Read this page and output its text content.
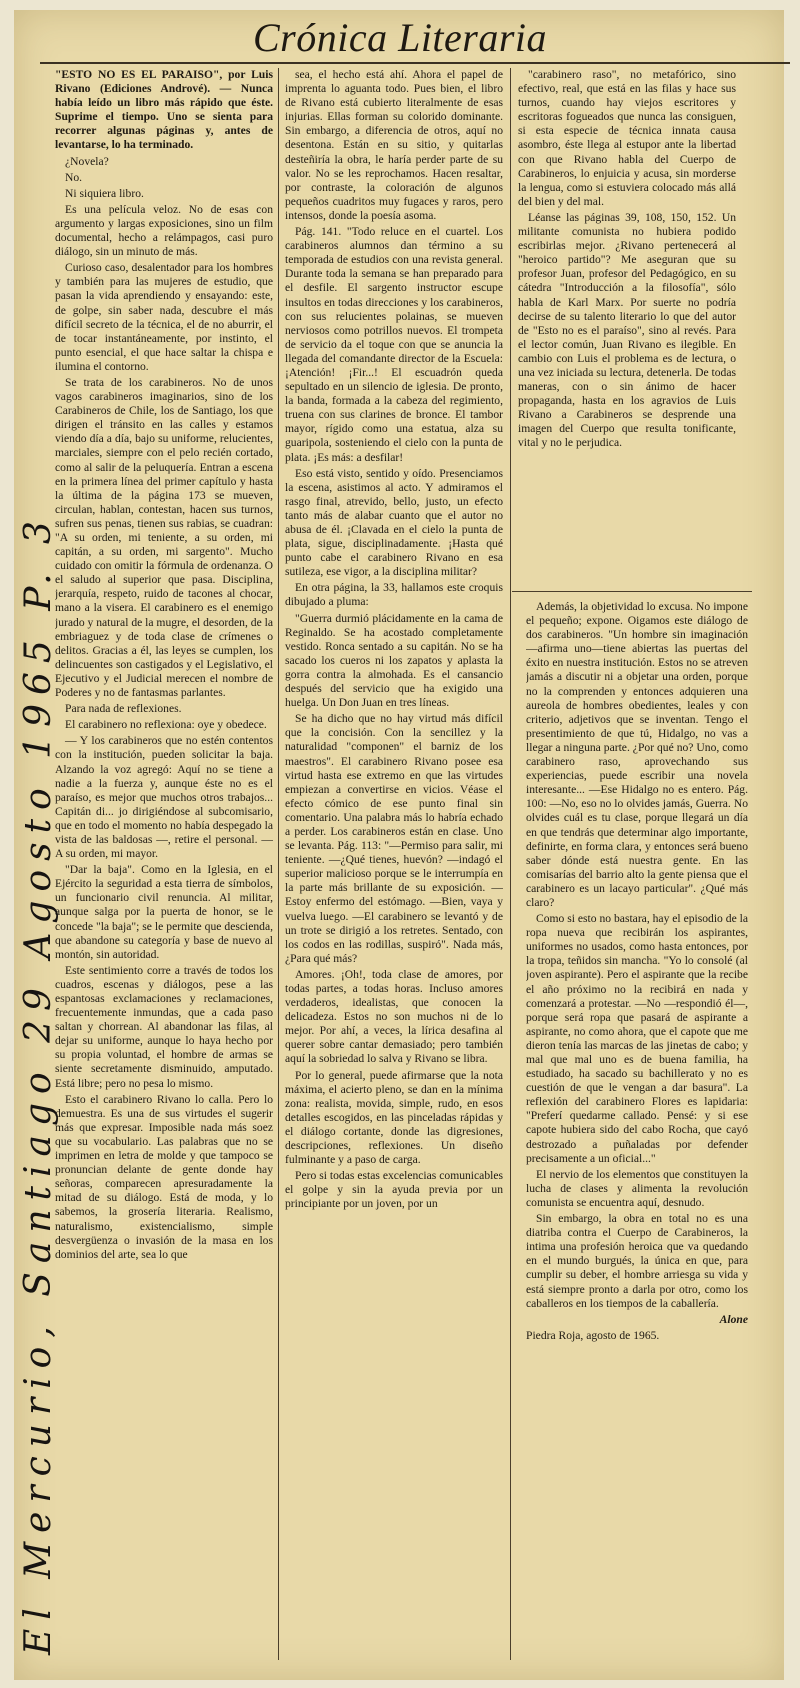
Crónica Literaria

"ESTO NO ES EL PARAISO", por Luis Rivano (Ediciones Andrové). — Nunca había leído un libro más rápido que éste. Suprime el tiempo. Uno se sienta para recorrer algunas páginas y, antes de levantarse, lo ha terminado.

¿Novela?

No.

Ni siquiera libro.

Es una película veloz. No de esas con argumento y largas exposiciones, sino un film documental, hecho a relámpagos, casi puro diálogo, sin un minuto de más.

Curioso caso, desalentador para los hombres y también para las mujeres de estudio, que pasan la vida aprendiendo y ensayando: este, de golpe, sin saber nada, descubre el más difícil secreto de la técnica, el de no aburrir, el de tocar instantáneamente, por instinto, el punto esencial, el que hace saltar la chispa e ilumina el contorno.

Se trata de los carabineros. No de unos vagos carabineros imaginarios, sino de los Carabineros de Chile, los de Santiago, los que dirigen el tránsito en las calles y estamos viendo día a día, bajo su uniforme, relucientes, marciales, siempre con el pelo recién cortado, como al salir de la peluquería. Entran a escena en la primera línea del primer capítulo y hasta la última de la página 173 se mueven, circulan, hablan, contestan, hacen sus turnos, sufren sus penas, tienen sus rabias, se cuadran: "A su orden, mi teniente, a su orden, mi capitán, a su orden, mi sargento". Mucho cuidado con omitir la fórmula de ordenanza. O el saludo al superior que pasa. Disciplina, jerarquía, respeto, ruido de tacones al chocar, mano a la visera. El carabinero es el enemigo jurado y natural de la mugre, el desorden, de la embriaguez y de toda clase de crímenes o delitos. Gracias a él, las leyes se cumplen, los delincuentes son castigados y el Legislativo, el Ejecutivo y el Judicial merecen el nombre de Poderes y no de fantasmas parlantes.

Para nada de reflexiones.

El carabinero no reflexiona: oye y obedece.

— Y los carabineros que no estén contentos con la institución, pueden solicitar la baja. Alzando la voz agregó: Aquí no se tiene a nadie a la fuerza y, aunque éste no es el paraíso, es mejor que muchos otros trabajos... Capitán di... jo dirigiéndose al subcomisario, que en todo el momento no había despegado la vista de las baldosas —, retire el personal. — A su orden, mi mayor.

"Dar la baja". Como en la Iglesia, en el Ejército la seguridad a esta tierra de símbolos, un funcionario civil renuncia. Al militar, aunque salga por la puerta de honor, se le concede "la baja"; se le permite que descienda, que abandone su categoría y base de nuevo al montón, sin autoridad.

Este sentimiento corre a través de todos los cuadros, escenas y diálogos, pese a las espantosas exclamaciones y reclamaciones, frecuentemente inmundas, que a cada paso saltan y chorrean. Al abandonar las filas, al dejar su uniforme, aunque lo haya hecho por su propia voluntad, el hombre de armas se siente secretamente disminuido, amputado. Está libre; pero no pesa lo mismo.

Esto el carabinero Rivano lo calla. Pero lo demuestra. Es una de sus virtudes el sugerir más que expresar. Imposible nada más soez que su vocabulario. Las palabras que no se imprimen en letra de molde y que tampoco se pronuncian delante de gente donde hay señoras, comparecen apresuradamente la mitad de su diálogo. Está de moda, y lo sabemos, la grosería literaria. Realismo, naturalismo, existencialismo, simple desvergüenza o invasión de la masa en los dominios del arte, sea lo que

sea, el hecho está ahí. Ahora el papel de imprenta lo aguanta todo. Pues bien, el libro de Rivano está cubierto literalmente de esas injurias. Ellas forman su colorido dominante. Sin embargo, a diferencia de otros, aquí no desentona. Están en su sitio, y quitarlas desteñiría la obra, le haría perder parte de su valor. No se les reprochamos. Hacen resaltar, por contraste, la coloración de algunos pequeños cuadritos muy fugaces y raros, pero intensos, donde la poesía asoma.

Pág. 141. "Todo reluce en el cuartel. Los carabineros alumnos dan término a su temporada de estudios con una revista general. Durante toda la semana se han preparado para el desfile. El sargento instructor escupe insultos en todas direcciones y los carabineros, con sus relucientes polainas, se mueven nerviosos como potrillos nuevos. El trompeta de servicio da el toque con que se anuncia la llegada del comandante director de la Escuela: ¡Atención! ¡Fir...! El escuadrón queda sepultado en un silencio de iglesia. De pronto, la banda, formada a la cabeza del regimiento, truena con sus clarines de bronce. El tambor mayor, rígido como una estatua, alza su guaripola, sosteniendo el cielo con la punta de plata. ¡Es más: a desfilar!

Eso está visto, sentido y oído. Presenciamos la escena, asistimos al acto. Y admiramos el rasgo final, atrevido, bello, justo, un efecto tanto más de alabar cuanto que el autor no abusa de él. ¡Clavada en el cielo la punta de plata, sigue, disciplinadamente. ¡Hasta qué punto cabe el carabinero Rivano en esa sutileza, ese vigor, a la disciplina militar?

En otra página, la 33, hallamos este croquis dibujado a pluma:

"Guerra durmió plácidamente en la cama de Reginaldo. Se ha acostado completamente vestido. Ronca sentado a su capitán. No se ha sacado los cueros ni los zapatos y aplasta la gorra contra la almohada. Es el cansancio después del servicio que ha exigido una huelga. Un Don Juan en tres líneas.

Se ha dicho que no hay virtud más difícil que la concisión. Con la sencillez y la naturalidad "componen" el barniz de los maestros". El carabinero Rivano posee esa virtud hasta ese extremo en que las virtudes empiezan a convertirse en vicios. Véase el efecto cómico de ese punto final sin comentario. Una palabra más lo habría echado a perder. Los carabineros están en clase. Uno se levanta. Pág. 113: "—Permiso para salir, mi teniente. —¿Qué tienes, huevón? —indagó el superior malicioso porque se le interrumpía en la parte más brillante de su exposición. —Estoy enfermo del estómago. —Bien, vaya y vuelva luego. —El carabinero se levantó y de un trote se dirigió a los retretes. Sentado, con los codos en las rodillas, suspiró". Nada más, ¿Para qué más?

Amores. ¡Oh!, toda clase de amores, por todas partes, a todas horas. Incluso amores verdaderos, idealistas, que conocen la delicadeza. Estos no son muchos ni de lo mejor. Por ahí, a veces, la lírica desafina al querer sobre cantar demasiado; pero también aquí la sobriedad lo salva y Rivano se libra.

Por lo general, puede afirmarse que la nota máxima, el acierto pleno, se dan en la mínima zona: realista, movida, simple, rudo, en esos detalles escogidos, en las pinceladas rápidas y el diálogo cortante, donde las digresiones, descripciones, reflexiones. Un diseño fulminante y a paso de carga.

Pero si todas estas excelencias comunicables el golpe y sin la ayuda previa por un principiante por un joven, por un

"carabinero raso", no metafórico, sino efectivo, real, que está en las filas y hace sus turnos, cuando hay viejos escritores y escritoras fogueados que nunca las consiguen, si esta especie de técnica innata causa asombro, éste llega al estupor ante la libertad con que Rivano habla del Cuerpo de Carabineros, lo enjuicia y acusa, sin morderse la lengua, como si estuviera colocado más allá del bien y del mal.

Léanse las páginas 39, 108, 150, 152. Un militante comunista no hubiera podido escribirlas mejor. ¿Rivano pertenecerá al "heroico partido"? Me aseguran que su profesor Juan, profesor del Pedagógico, en su cátedra "Introducción a la filosofía", sólo habla de Karl Marx. Por suerte no podría decirse de su talento literario lo que del autor de "Esto no es el paraíso", sino al revés. Para el lector común, Juan Rivano es ilegible. En cambio con Luis el problema es de lectura, o una vez iniciada su lectura, detenerla. De todas maneras, con o sin ánimo de hacer propaganda, hasta en los agravios de Luis Rivano a Carabineros se desprende una imagen del Cuerpo que resulta tonificante, vital y no le perjudica.

Además, la objetividad lo excusa. No impone el pequeño; expone. Oigamos este diálogo de dos carabineros. "Un hombre sin imaginación —afirma uno—tiene abiertas las puertas del éxito en nuestra institución. Estos no se atreven jamás a discutir ni a objetar una orden, porque no la comprenden y entonces adquieren una aureola de hombres obedientes, leales y con criterio, adjetivos que se inventan. Tengo el presentimiento de que tú, Hidalgo, no vas a llegar a ninguna parte. ¿Por qué no? Uno, como carabinero raso, aprovechando sus experiencias, puede escribir una novela interesante... —Ese Hidalgo no es entero. Pág. 100: —No, eso no lo olvides jamás, Guerra. No olvides cuál es tu clase, porque llegará un día en que tendrás que determinar algo importante, definirte, en forma clara, y entonces será bueno saber dónde está nuestra gente. En las comisarías del barrio alto la gente piensa que el carabinero es un lacayo particular". ¿Qué más claro?

Como si esto no bastara, hay el episodio de la ropa nueva que recibirán los aspirantes, uniformes no usados, como hasta entonces, por la tropa, teñidos sin mancha. "Yo lo consolé (al joven aspirante). Pero el aspirante que la recibe el año próximo no la recibirá en nada y comenzará a protestar. —No —respondió él—, porque será ropa que pasará de aspirante a aspirante, no como ahora, que el capote que me dieron tenía las marcas de las jinetas de cabo; y mal que mal uno es de buena familia, ha estudiado, ha sacado su bachillerato y no es cuestión de que le vengan a dar basura". La reflexión del carabinero Flores es lapidaria: "Preferí quedarme callado. Pensé: y si ese capote hubiera sido del cabo Rocha, que cayó destrozado a puñaladas por defender precisamente a un oficial..."

El nervio de los elementos que constituyen la lucha de clases y alimenta la revolución comunista se encuentra aquí, desnudo.

Sin embargo, la obra en total no es una diatriba contra el Cuerpo de Carabineros, la intima una profesión heroica que va quedando en el mundo burgués, la única en que, para cumplir su deber, el hombre arriesga su vida y está siempre pronto a darla por otro, como los caballeros en los tiempos de la caballería.

Alone

Piedra Roja, agosto de 1965.

El Mercurio, Santiago 29 Agosto 1965 P. 3
